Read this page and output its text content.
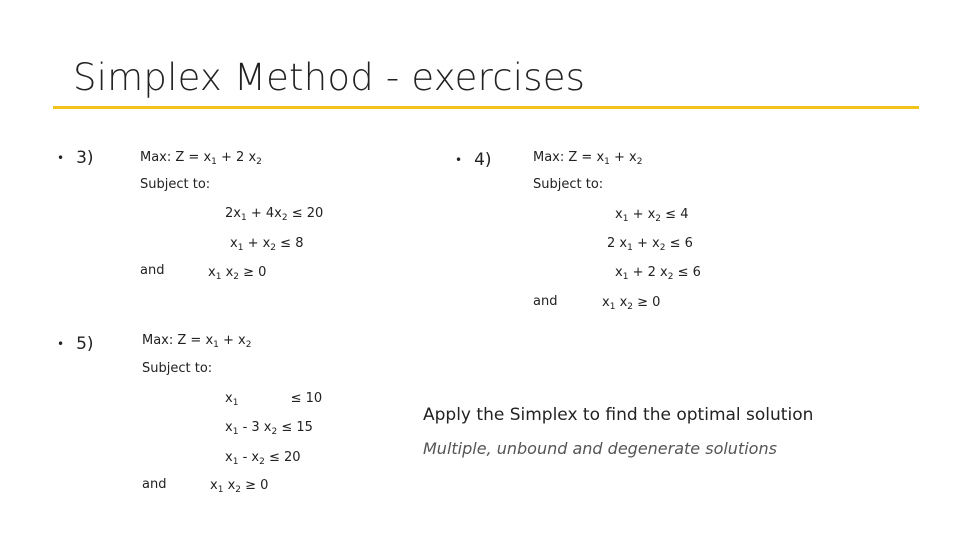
Simplex Method - exercises
• 3)	Max: $Z = x_1 + 2$ $x_2$
Subject to:
$2x_1 + 4x_2 \le 20$
$x_1 + x_2 \le 8$
and	$x_1$ $x_2 \ge 0$
• 4)	Max: $Z = x_1 + x_2$
Subject to:
$x_1 + x_2 \le 4$
2 $x_1 + x_2 \le 6$
$x_1 + 2$ $x_2 \le 6$
and	$x_1$ $x_2 \ge 0$
• 5)	Max: $Z = x_1 + x_2$
Subject to:
$x_1$	≤ 10
$x_1 - 3$ $x_2 \le 15$
$x_1 - x_2 \le 20$
and	$x_1$ $x_2 \ge 0$
Apply the Simplex to find the optimal solution
Multiple, unbound and degenerate solutions
